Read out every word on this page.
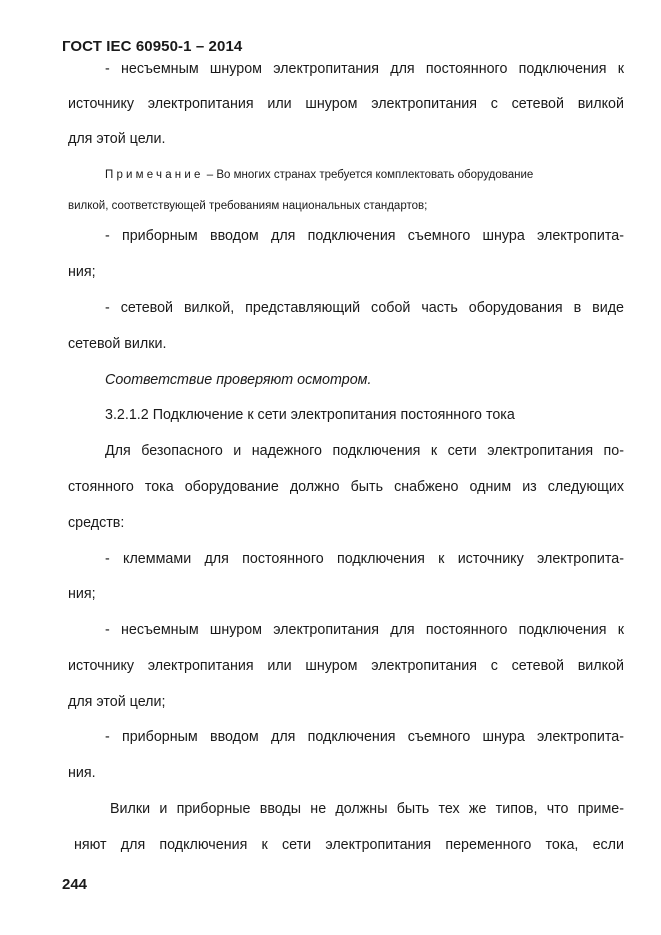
ГОСТ IEC 60950-1 – 2014
- несъемным шнуром электропитания для постоянного подключения к
источнику электропитания или шнуром электропитания с сетевой вилкой
для этой цели.
Примечание – Во многих странах требуется комплектовать оборудование
вилкой, соответствующей требованиям национальных стандартов;
- приборным вводом для подключения съемного шнура электропита-
ния;
- сетевой вилкой, представляющий собой часть оборудования в виде
сетевой вилки.
Соответствие проверяют осмотром.
3.2.1.2 Подключение к сети электропитания постоянного тока
Для безопасного и надежного подключения к сети электропитания по-
стоянного тока оборудование должно быть снабжено одним из следующих
средств:
- клеммами для постоянного подключения к источнику электропита-
ния;
- несъемным шнуром электропитания для постоянного подключения к
источнику электропитания или шнуром электропитания с сетевой вилкой
для этой цели;
- приборным вводом для подключения съемного шнура электропита-
ния.
Вилки и приборные вводы не должны быть тех же типов, что приме-
няют для подключения к сети электропитания переменного тока, если
244
